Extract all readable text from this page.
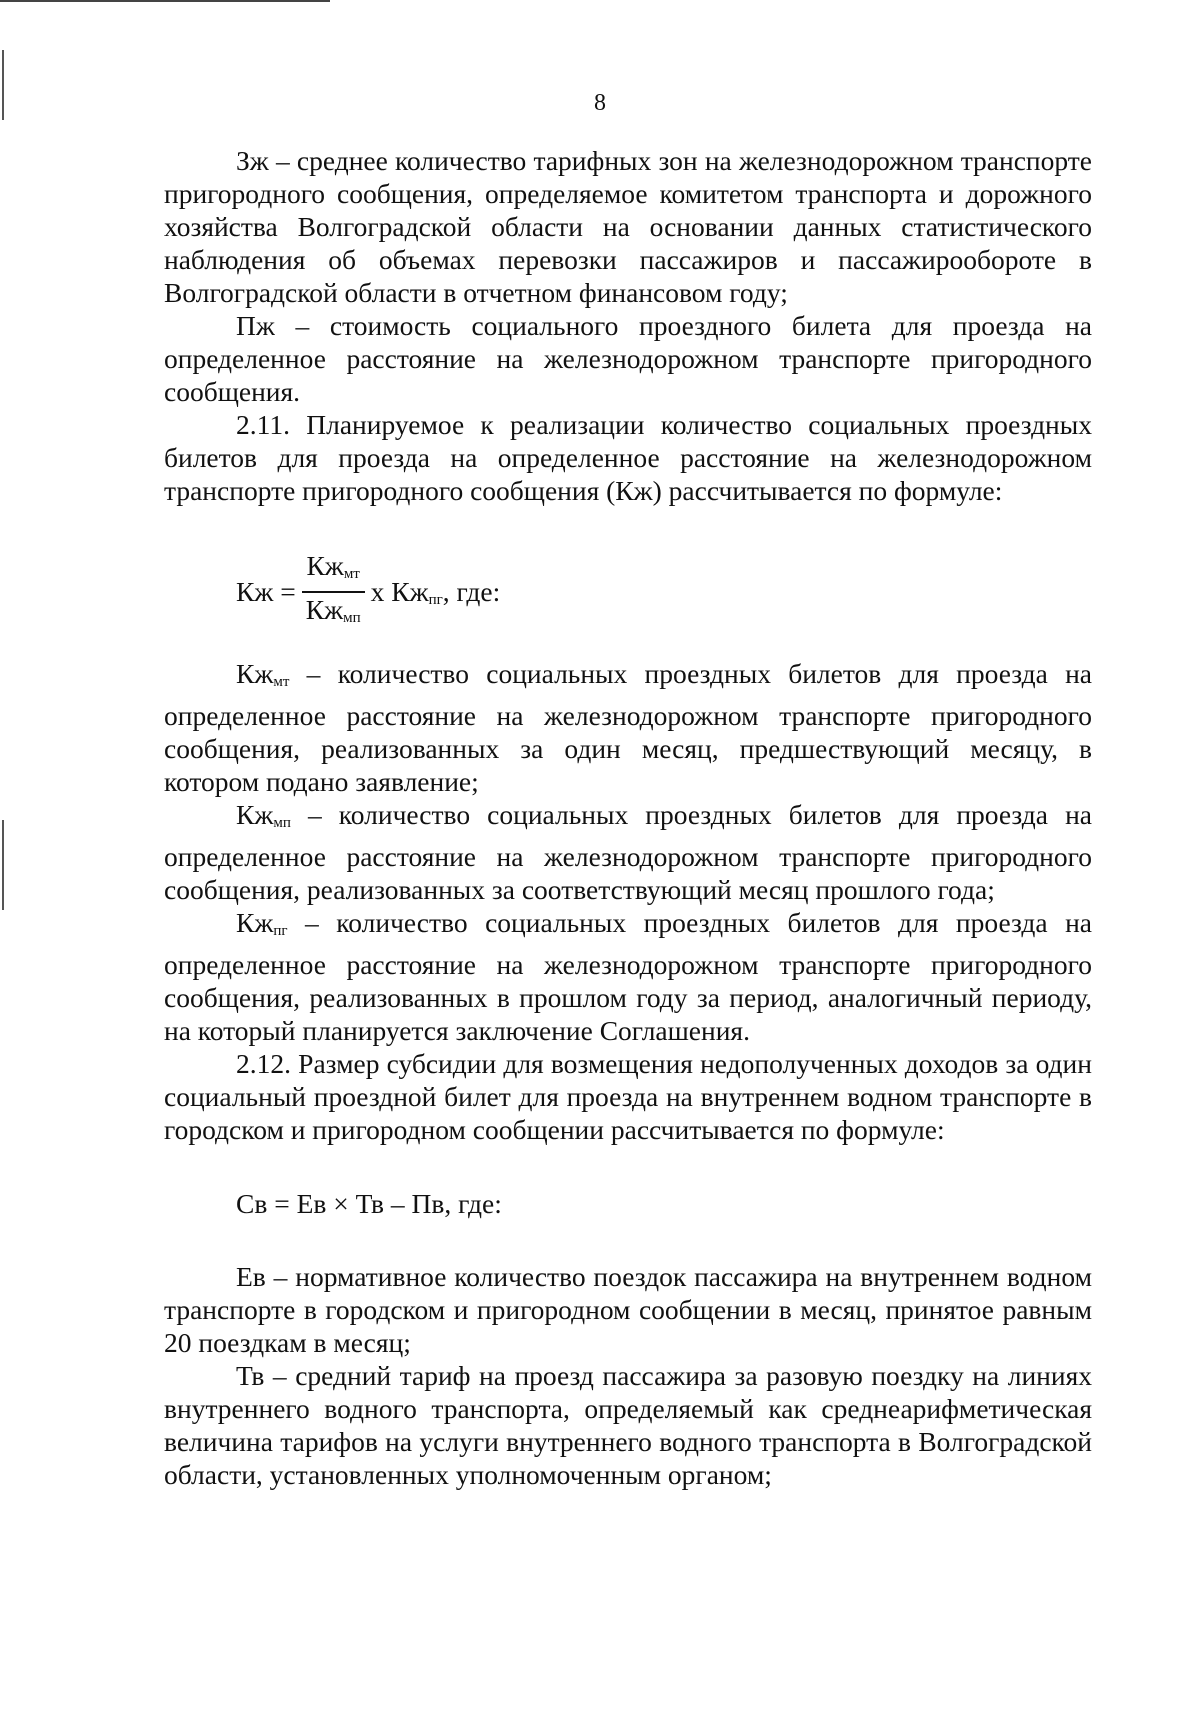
8

Зж – среднее количество тарифных зон на железнодорожном транспорте пригородного сообщения, определяемое комитетом транспорта и дорожного хозяйства Волгоградской области на основании данных статистического наблюдения об объемах перевозки пассажиров и пассажирообороте в Волгоградской области в отчетном финансовом году;

Пж – стоимость социального проездного билета для проезда на определенное расстояние на железнодорожном транспорте пригородного сообщения.

2.11. Планируемое к реализации количество социальных проездных билетов для проезда на определенное расстояние на железнодорожном транспорте пригородного сообщения (Кж) рассчитывается по формуле:

Кж = $\frac{Кж_{мт}}{Кж_{мп}}$ х $Кж_{пг}$, где:

$Кж_{мт}$ – количество социальных проездных билетов для проезда на определенное расстояние на железнодорожном транспорте пригородного сообщения, реализованных за один месяц, предшествующий месяцу, в котором подано заявление;

$Кж_{мп}$ – количество социальных проездных билетов для проезда на определенное расстояние на железнодорожном транспорте пригородного сообщения, реализованных за соответствующий месяц прошлого года;

$Кж_{пг}$ – количество социальных проездных билетов для проезда на определенное расстояние на железнодорожном транспорте пригородного сообщения, реализованных в прошлом году за период, аналогичный периоду, на который планируется заключение Соглашения.

2.12. Размер субсидии для возмещения недополученных доходов за один социальный проездной билет для проезда на внутреннем водном транспорте в городском и пригородном сообщении рассчитывается по формуле:

Св = Ев × Тв – Пв, где:

Ев – нормативное количество поездок пассажира на внутреннем водном транспорте в городском и пригородном сообщении в месяц, принятое равным 20 поездкам в месяц;

Тв – средний тариф на проезд пассажира за разовую поездку на линиях внутреннего водного транспорта, определяемый как среднеарифметическая величина тарифов на услуги внутреннего водного транспорта в Волгоградской области, установленных уполномоченным органом;
